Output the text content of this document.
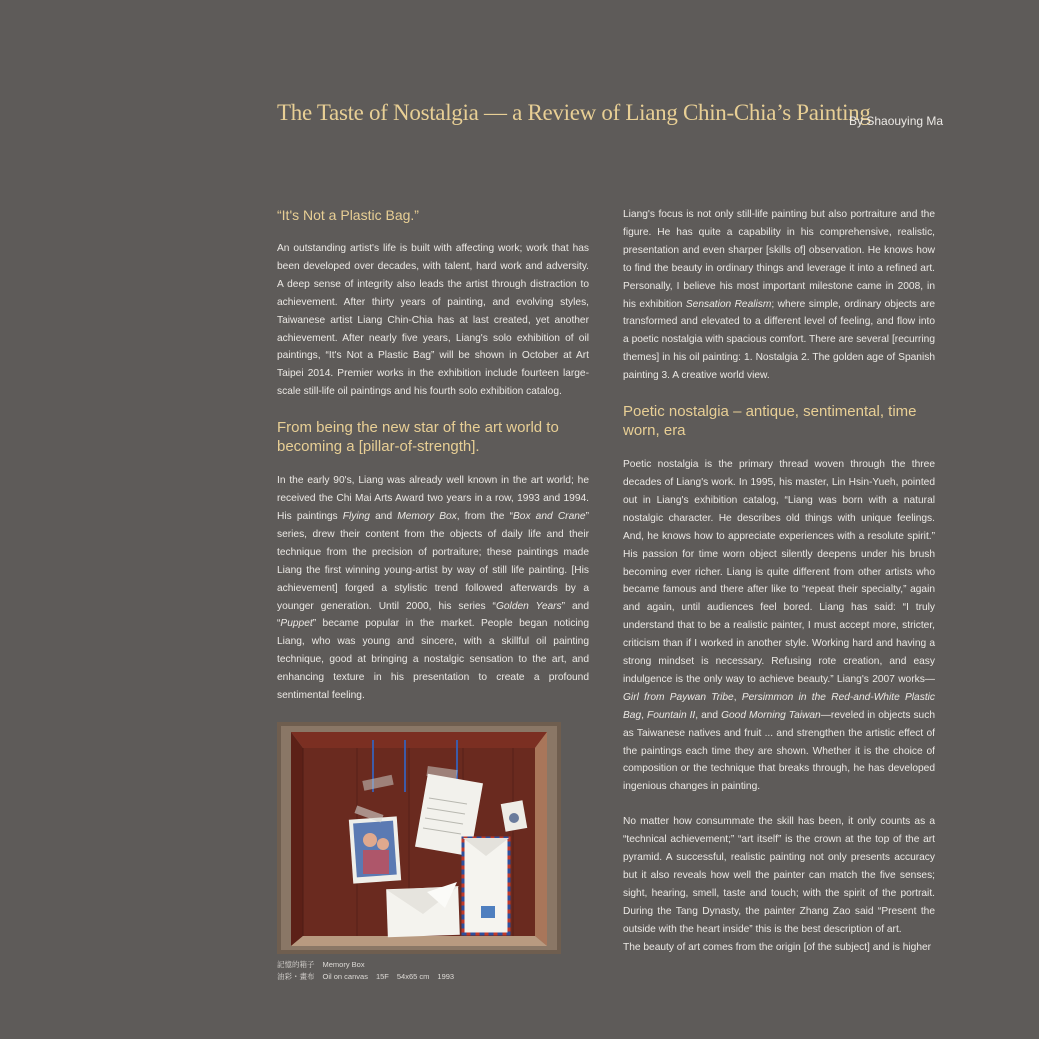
The Taste of Nostalgia — a Review of Liang Chin-Chia’s Painting
By Shaouying Ma
“It's Not a Plastic Bag.”

An outstanding artist's life is built with affecting work; work that has been developed over decades, with talent, hard work and adversity. A deep sense of integrity also leads the artist through distraction to achievement. After thirty years of painting, and evolving styles, Taiwanese artist Liang Chin-Chia has at last created, yet another achievement. After nearly five years, Liang's solo exhibition of oil paintings, “It's Not a Plastic Bag” will be shown in October at Art Taipei 2014. Premier works in the exhibition include fourteen large-scale still-life oil paintings and his fourth solo exhibition catalog.

From being the new star of the art world to becoming a [pillar-of-strength].

In the early 90's, Liang was already well known in the art world; he received the Chi Mai Arts Award two years in a row, 1993 and 1994. His paintings Flying and Memory Box, from the “Box and Crane” series, drew their content from the objects of daily life and their technique from the precision of portraiture; these paintings made Liang the first winning young-artist by way of still life painting. [His achievement] forged a stylistic trend followed afterwards by a younger generation. Until 2000, his series “Golden Years” and “Puppet” became popular in the market. People began noticing Liang, who was young and sincere, with a skillful oil painting technique, good at bringing a nostalgic sensation to the art, and enhancing texture in his presentation to create a profound sentimental feeling.

記憶的箱子 Memory Box
油彩・畫布 Oil on canvas 15F 54x65 cm 1993

Liang's focus is not only still-life painting but also portraiture and the figure. He has quite a capability in his comprehensive, realistic, presentation and even sharper [skills of] observation. He knows how to find the beauty in ordinary things and leverage it into a refined art. Personally, I believe his most important milestone came in 2008, in his exhibition Sensation Realism; where simple, ordinary objects are transformed and elevated to a different level of feeling, and flow into a poetic nostalgia with spacious comfort. There are several [recurring themes] in his oil painting: 1. Nostalgia 2. The golden age of Spanish painting 3. A creative world view.

Poetic nostalgia – antique, sentimental, time worn, era

Poetic nostalgia is the primary thread woven through the three decades of Liang's work. In 1995, his master, Lin Hsin-Yueh, pointed out in Liang's exhibition catalog, “Liang was born with a natural nostalgic character. He describes old things with unique feelings. And, he knows how to appreciate experiences with a resolute spirit.” His passion for time worn object silently deepens under his brush becoming ever richer. Liang is quite different from other artists who became famous and there after like to “repeat their specialty,” again and again, until audiences feel bored. Liang has said: “I truly understand that to be a realistic painter, I must accept more, stricter, criticism than if I worked in another style. Working hard and having a strong mindset is necessary. Refusing rote creation, and easy indulgence is the only way to achieve beauty.” Liang's 2007 works—Girl from Paywan Tribe, Persimmon in the Red-and-White Plastic Bag, Fountain II, and Good Morning Taiwan—reveled in objects such as Taiwanese natives and fruit ... and strengthen the artistic effect of the paintings each time they are shown. Whether it is the choice of composition or the technique that breaks through, he has developed ingenious changes in painting.

No matter how consummate the skill has been, it only counts as a “technical achievement;” “art itself” is the crown at the top of the art pyramid. A successful, realistic painting not only presents accuracy but it also reveals how well the painter can match the five senses; sight, hearing, smell, taste and touch; with the spirit of the portrait. During the Tang Dynasty, the painter Zhang Zao said “Present the outside with the heart inside” this is the best description of art.

The beauty of art comes from the origin [of the subject] and is higher
